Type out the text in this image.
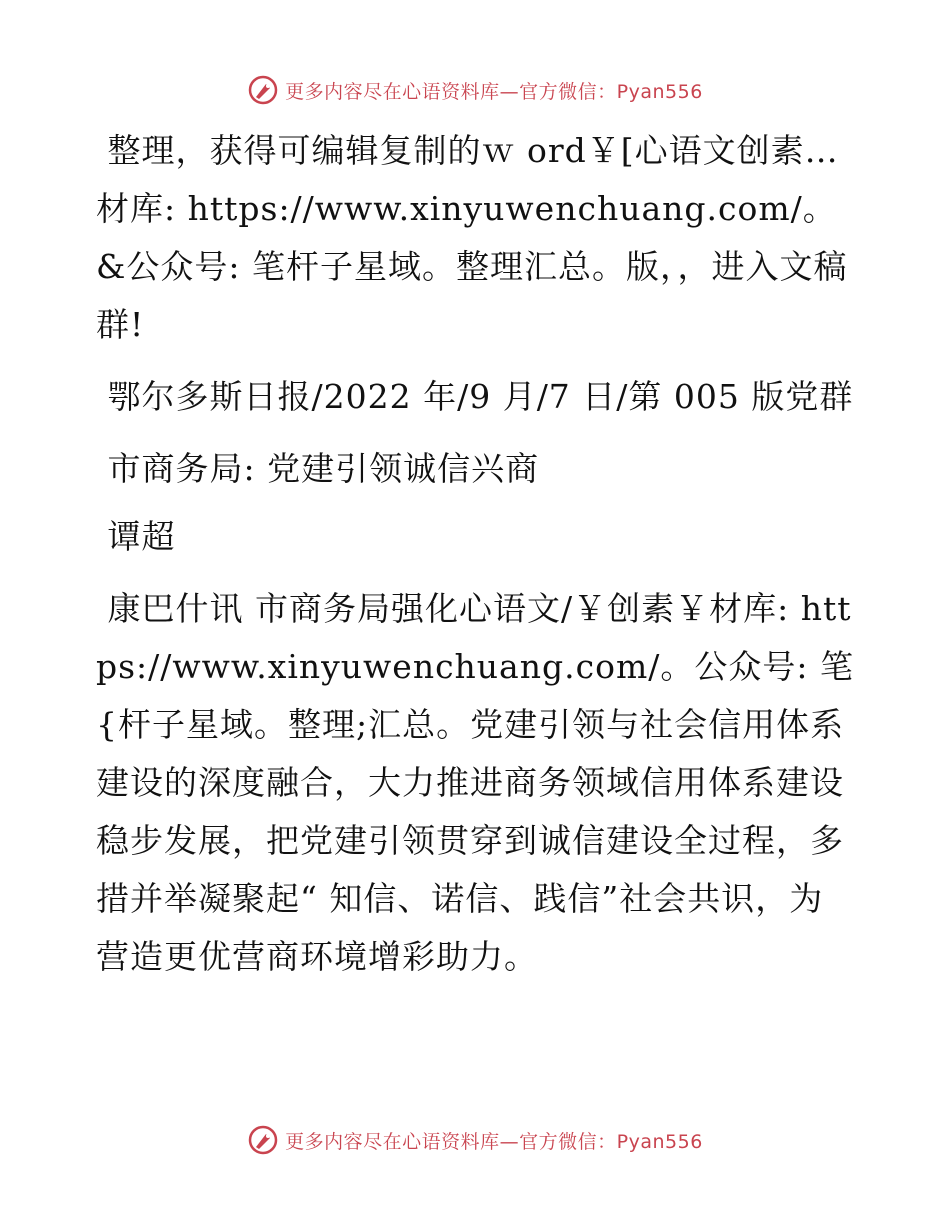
更多内容尽在心语资料库—官方微信：Pyan556

整理，获得可编辑复制的ｗ ord￥[心语文创素…材库: https://www.xinyuwenchuang.com/。&公众号: 笔杆子星域。整理汇总。版，，进入文稿群!

鄂尔多斯日报/2022 年/9 月/7 日/第 005 版党群

市商务局: 党建引领诚信兴商

谭超

康巴什讯 市商务局强化心语文/￥创素￥材库: https://www.xinyuwenchuang.com/。公众号: 笔{杆子星域。整理;汇总。党建引领与社会信用体系建设的深度融合，大力推进商务领域信用体系建设稳步发展，把党建引领贯穿到诚信建设全过程，多措并举凝聚起“ 知信、诺信、践信”社会共识，为营造更优营商环境增彩助力。

更多内容尽在心语资料库—官方微信：Pyan556
